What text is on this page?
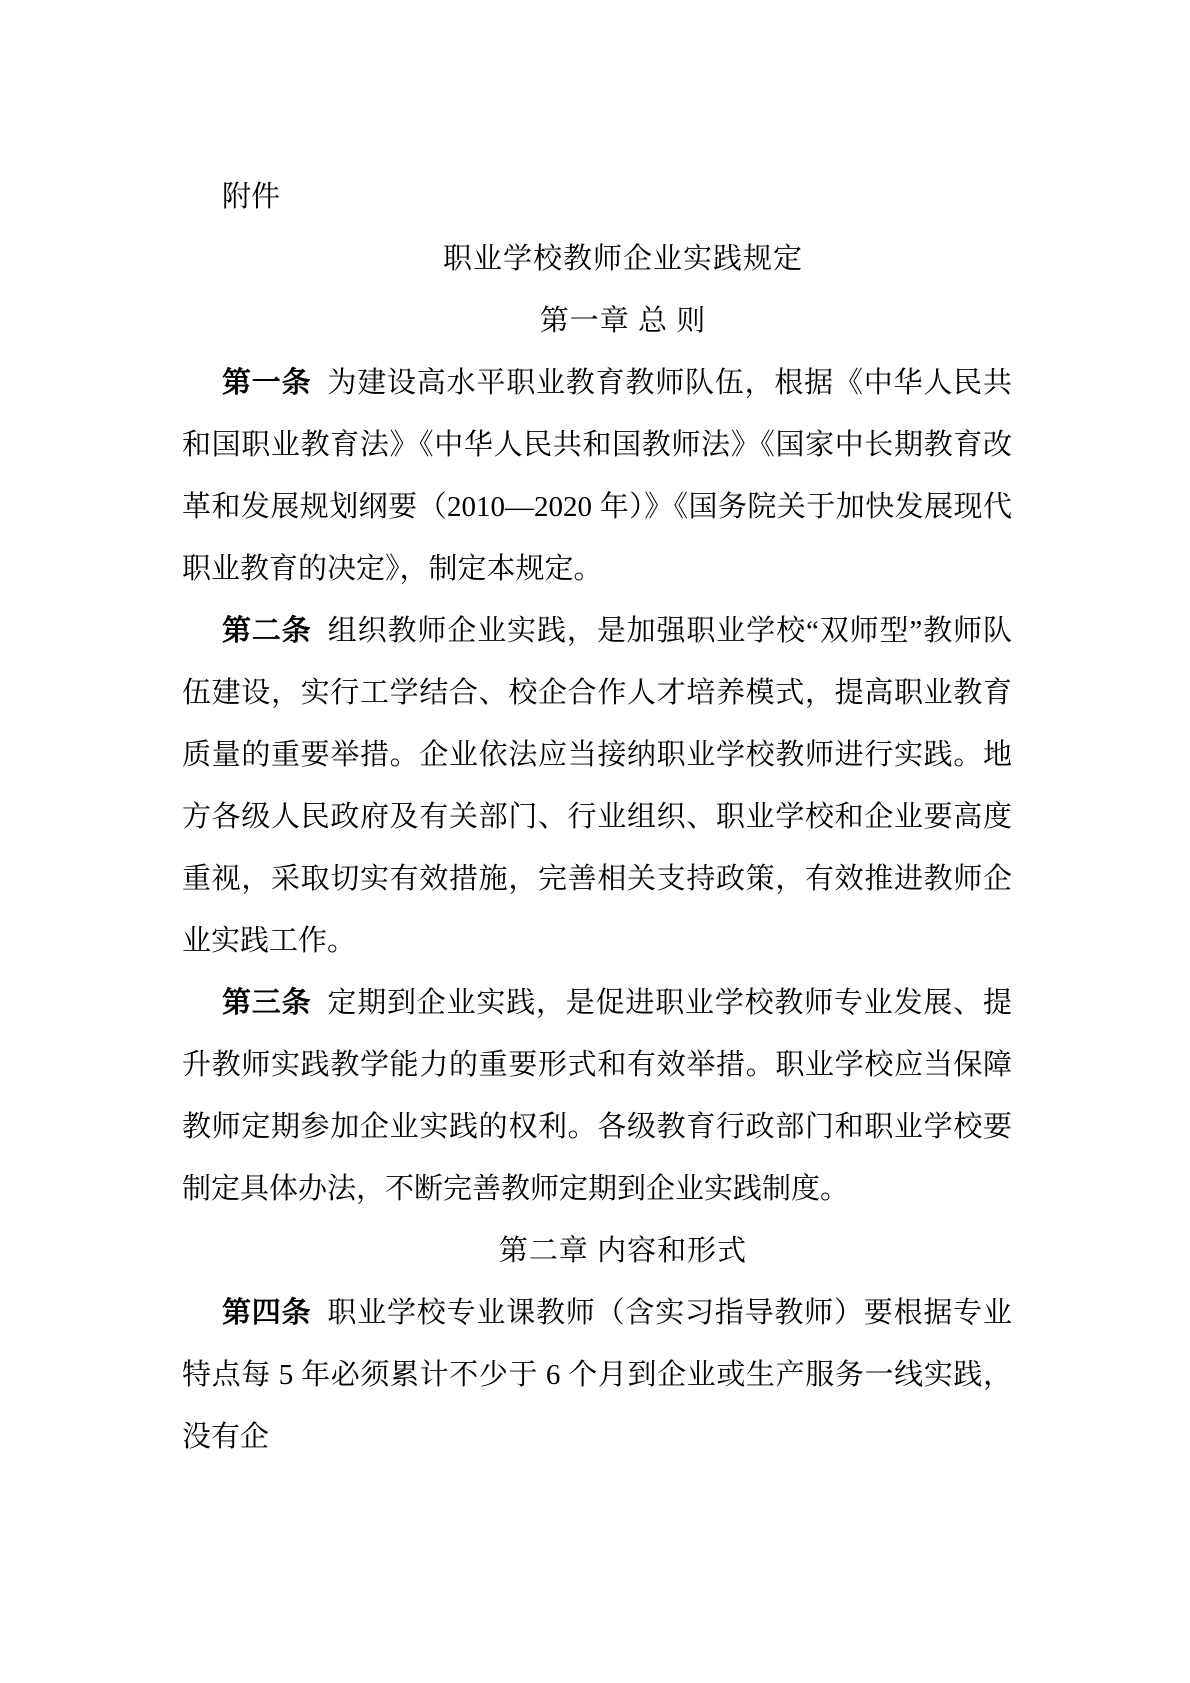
附件

职业学校教师企业实践规定
第一章 总 则

第一条 为建设高水平职业教育教师队伍，根据《中华人民共和国职业教育法》《中华人民共和国教师法》《国家中长期教育改革和发展规划纲要（2010—2020 年）》《国务院关于加快发展现代职业教育的决定》，制定本规定。

第二条 组织教师企业实践，是加强职业学校“双师型”教师队伍建设，实行工学结合、校企合作人才培养模式，提高职业教育质量的重要举措。企业依法应当接纳职业学校教师进行实践。地方各级人民政府及有关部门、行业组织、职业学校和企业要高度重视，采取切实有效措施，完善相关支持政策，有效推进教师企业实践工作。

第三条 定期到企业实践，是促进职业学校教师专业发展、提升教师实践教学能力的重要形式和有效举措。职业学校应当保障教师定期参加企业实践的权利。各级教育行政部门和职业学校要制定具体办法，不断完善教师定期到企业实践制度。

第二章 内容和形式

第四条 职业学校专业课教师（含实习指导教师）要根据专业特点每 5 年必须累计不少于 6 个月到企业或生产服务一线实践，没有企
